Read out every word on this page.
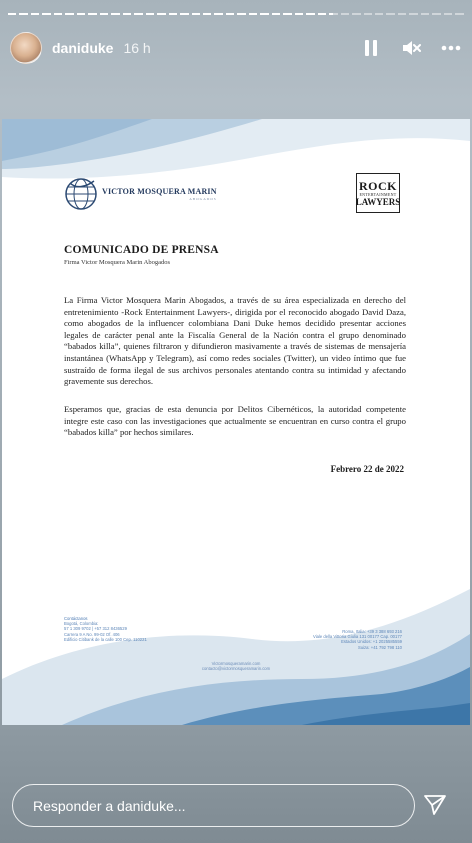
daniduke 16 h
VICTOR MOSQUERA MARIN
ABOGADOS
ROCK
ENTERTAINMENT
LAWYERS
COMUNICADO DE PRENSA
Firma Victor Mosquera Marin Abogados

La Firma Victor Mosquera Marin Abogados, a través de su área especializada en derecho del entretenimiento -Rock Entertainment Lawyers-, dirigida por el reconocido abogado David Daza, como abogados de la influencer colombiana Dani Duke hemos decidido presentar acciones legales de carácter penal ante la Fiscalía General de la Nación contra el grupo denominado “babados killa”, quienes filtraron y difundieron masivamente a través de sistemas de mensajería instantánea (WhatsApp y Telegram), así como redes sociales (Twitter), un video íntimo que fue sustraído de forma ilegal de sus archivos personales atentando contra su intimidad y afectando gravemente sus derechos.

Esperamos que, gracias de esta denuncia por Delitos Cibernéticos, la autoridad competente integre este caso con las investigaciones que actualmente se encuentran en curso contra el grupo “babados killa” por hechos similares.

Febrero 22 de 2022
Contáctanos
Bogotá, Colombia:
57 1 309 9702 | +57 312 8436529
Carrera 9 A No. 99-02 Of. 406
Edificio Citibank de la calle 100 Cep. 110221
Roma, Italia: +39 3 388 693 216
Viale della Vittoria Giulia 131 00177 Cap. 00177
Estados Unidos: +1 2025585559
Suiza: +41 792 798 110
Victormosqueramarin.com
contacto@victormosqueramarin.com
Responder a daniduke...
